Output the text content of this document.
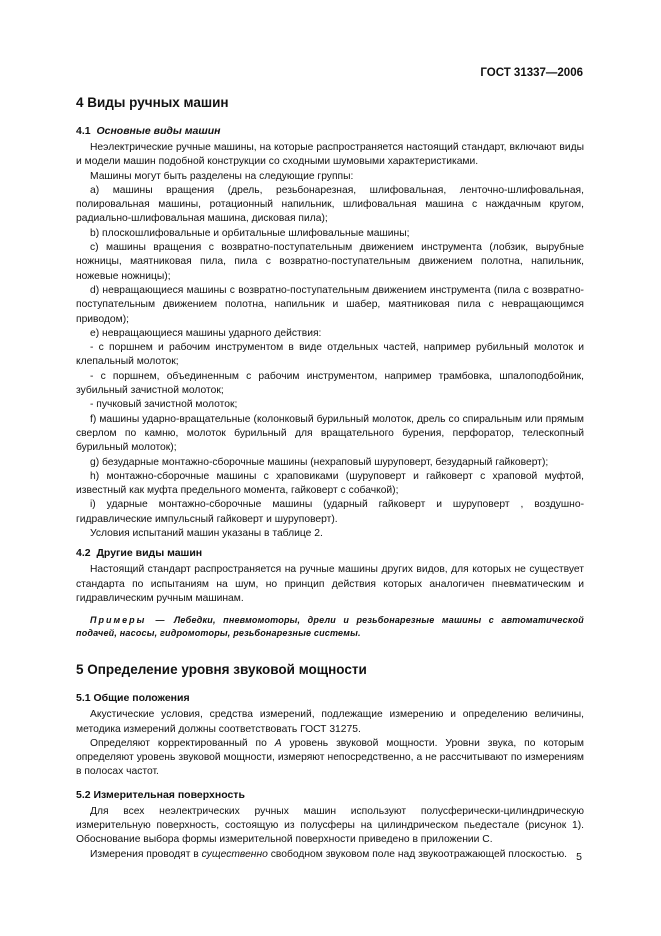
ГОСТ 31337—2006
4 Виды ручных машин
4.1 Основные виды машин

Неэлектрические ручные машины, на которые распространяется настоящий стандарт, включают виды и модели машин подобной конструкции со сходными шумовыми характеристиками.

Машины могут быть разделены на следующие группы:

а) машины вращения (дрель, резьбонарезная, шлифовальная, ленточно-шлифовальная, полировальная машины, ротационный напильник, шлифовальная машина с наждачным кругом, радиально-шлифовальная машина, дисковая пила);

b) плоскошлифовальные и орбитальные шлифовальные машины;

с) машины вращения с возвратно-поступательным движением инструмента (лобзик, вырубные ножницы, маятниковая пила, пила с возвратно-поступательным движением полотна, напильник, ножевые ножницы);

d) невращающиеся машины с возвратно-поступательным движением инструмента (пила с возвратно-поступательным движением полотна, напильник и шабер, маятниковая пила с невращающимся приводом);

е) невращающиеся машины ударного действия:

- с поршнем и рабочим инструментом в виде отдельных частей, например рубильный молоток и клепальный молоток;

- с поршнем, объединенным с рабочим инструментом, например трамбовка, шпалоподбойник, зубильный зачистной молоток;

- пучковый зачистной молоток;

f) машины ударно-вращательные (колонковый бурильный молоток, дрель со спиральным или прямым сверлом по камню, молоток бурильный для вращательного бурения, перфоратор, телескопный бурильный молоток);

g) безударные монтажно-сборочные машины (нехраповый шуруповерт, безударный гайковерт);

h) монтажно-сборочные машины с храповиками (шуруповерт и гайковерт с храповой муфтой, известный как муфта предельного момента, гайковерт с собачкой);

i) ударные монтажно-сборочные машины (ударный гайковерт и шуруповерт , воздушно-гидравлические импульсный гайковерт и шуруповерт).

Условия испытаний машин указаны в таблице 2.

4.2 Другие виды машин

Настоящий стандарт распространяется на ручные машины других видов, для которых не существует стандарта по испытаниям на шум, но принцип действия которых аналогичен пневматическим и гидравлическим ручным машинам.

Примеры — Лебедки, пневмомоторы, дрели и резьбонарезные машины с автоматической подачей, насосы, гидромоторы, резьбонарезные системы.

5 Определение уровня звуковой мощности
5.1 Общие положения

Акустические условия, средства измерений, подлежащие измерению и определению величины, методика измерений должны соответствовать ГОСТ 31275.

Определяют корректированный по А уровень звуковой мощности. Уровни звука, по которым определяют уровень звуковой мощности, измеряют непосредственно, а не рассчитывают по измерениям в полосах частот.

5.2 Измерительная поверхность

Для всех неэлектрических ручных машин используют полусферически-цилиндрическую измерительную поверхность, состоящую из полусферы на цилиндрическом пьедестале (рисунок 1). Обоснование выбора формы измерительной поверхности приведено в приложении С.

Измерения проводят в существенно свободном звуковом поле над звукоотражающей плоскостью. 5
